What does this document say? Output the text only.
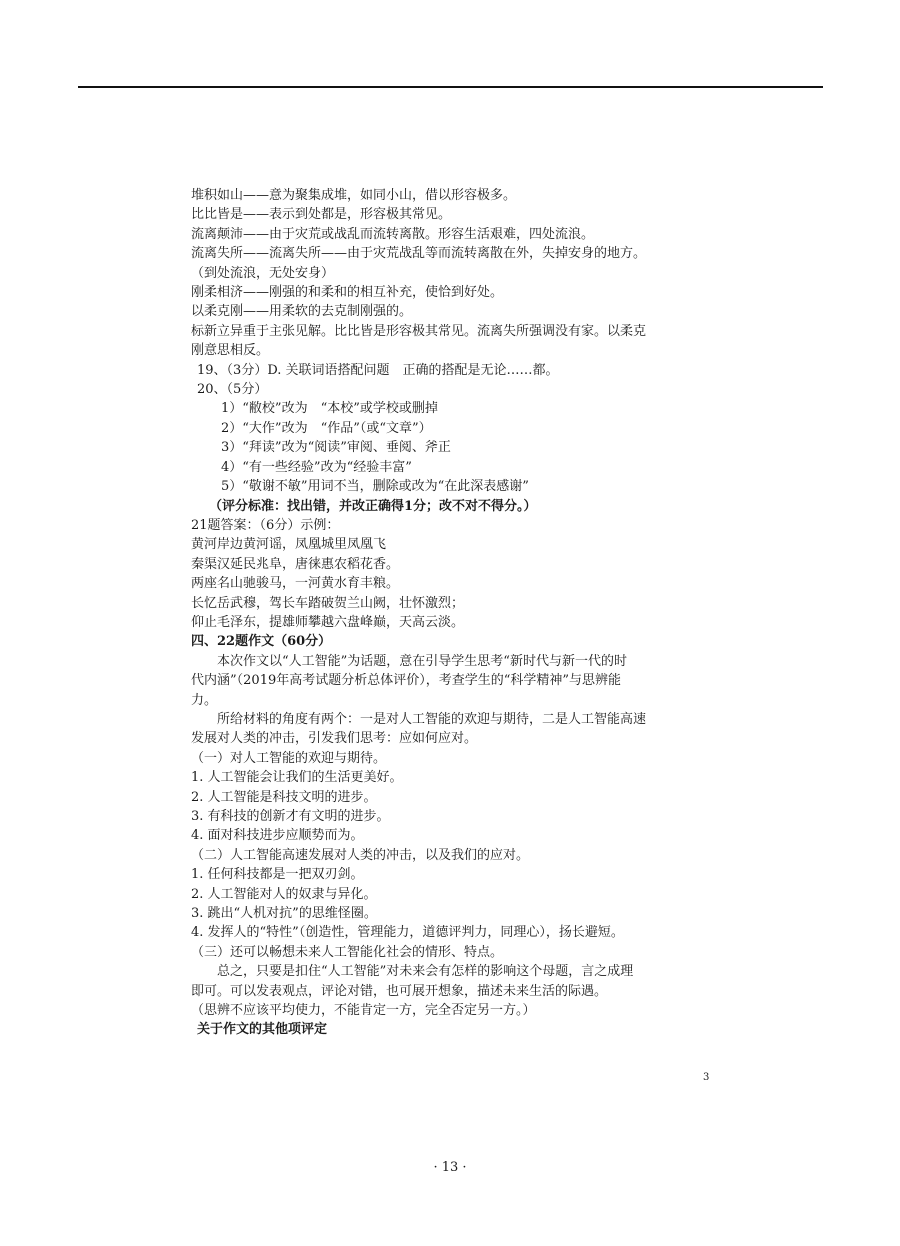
堆积如山——意为聚集成堆，如同小山，借以形容极多。
比比皆是——表示到处都是，形容极其常见。
流离颠沛——由于灾荒或战乱而流转离散。形容生活艰难，四处流浪。
流离失所——流离失所——由于灾荒战乱等而流转离散在外，失掉安身的地方。
（到处流浪，无处安身）
刚柔相济——刚强的和柔和的相互补充，使恰到好处。
以柔克刚——用柔软的去克制刚强的。
标新立异重于主张见解。比比皆是形容极其常见。流离失所强调没有家。以柔克
刚意思相反。
19、（3分）D. 关联词语搭配问题　正确的搭配是无论……都。
20、（5分）
1）“敝校”改为　“本校”或学校或删掉
2）“大作”改为　“作品”（或“文章”）
3）“拜读”改为“阅读”审阅、垂阅、斧正
4）“有一些经验”改为“经验丰富”
5）“敬谢不敏”用词不当，删除或改为“在此深表感谢”
（评分标准：找出错，并改正确得1分；改不对不得分。）
21题答案：（6分）示例：
黄河岸边黄河谣，凤凰城里凤凰飞
秦渠汉延民兆阜，唐徕惠农稻花香。
两座名山驰骏马，一河黄水育丰粮。
长忆岳武穆，驾长车踏破贺兰山阙，壮怀激烈；
仰止毛泽东，提雄师攀越六盘峰巅，天高云淡。
四、22题作文（60分）
本次作文以“人工智能”为话题，意在引导学生思考“新时代与新一代的时
代内涵”（2019年高考试题分析总体评价），考查学生的“科学精神”与思辨能
力。
所给材料的角度有两个：一是对人工智能的欢迎与期待，二是人工智能高速
发展对人类的冲击，引发我们思考：应如何应对。
（一）对人工智能的欢迎与期待。
1. 人工智能会让我们的生活更美好。
2. 人工智能是科技文明的进步。
3. 有科技的创新才有文明的进步。
4. 面对科技进步应顺势而为。
（二）人工智能高速发展对人类的冲击，以及我们的应对。
1. 任何科技都是一把双刃剑。
2. 人工智能对人的奴隶与异化。
3. 跳出“人机对抗”的思维怪圈。
4. 发挥人的“特性”（创造性，管理能力，道德评判力，同理心），扬长避短。
（三）还可以畅想未来人工智能化社会的情形、特点。
总之，只要是扣住“人工智能”对未来会有怎样的影响这个母题，言之成理
即可。可以发表观点，评论对错，也可展开想象，描述未来生活的际遇。
（思辨不应该平均使力，不能肯定一方，完全否定另一方。）
关于作文的其他项评定
3
· 13 ·
